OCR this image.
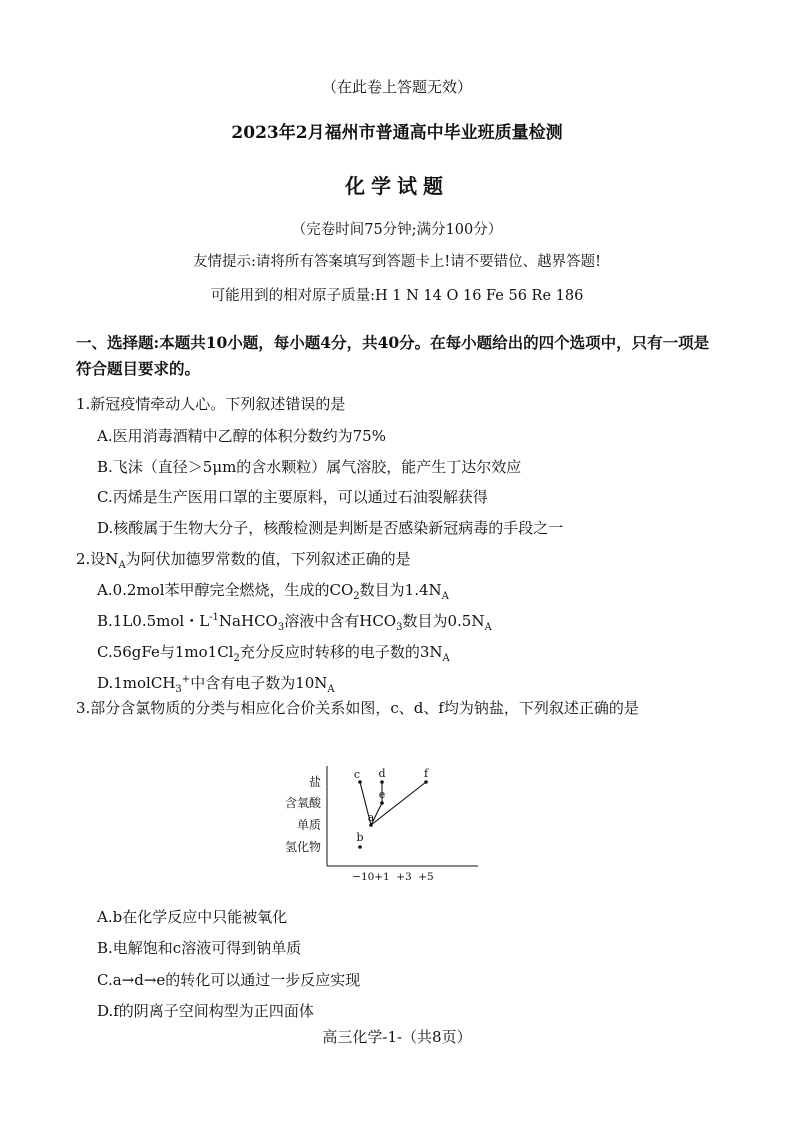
（在此卷上答题无效）
2023年2月福州市普通高中毕业班质量检测
化学试题
（完卷时间75分钟;满分100分）
友情提示:请将所有答案填写到答题卡上!请不要错位、越界答题!
可能用到的相对原子质量:H 1 N 14 O 16 Fe 56 Re 186
一、选择题:本题共10小题，每小题4分，共40分。在每小题给出的四个选项中，只有一项是符合题目要求的。
1.新冠疫情牵动人心。下列叙述错误的是
A.医用消毒酒精中乙醇的体积分数约为75%
B.飞沫（直径＞5μm的含水颗粒）属气溶胶，能产生丁达尔效应
C.丙烯是生产医用口罩的主要原料，可以通过石油裂解获得
D.核酸属于生物大分子，核酸检测是判断是否感染新冠病毒的手段之一
2.设$N_A$为阿伏加德罗常数的值，下列叙述正确的是
A.0.2mol苯甲醇完全燃烧，生成的$CO_2$数目为$1.4N_A$
B.1L0.5mol・$L^{-1}NaHCO_3$溶液中含有$HCO_3$数目为$0.5N_A$
C.56gFe与$1mo1Cl_2$充分反应时转移的电子数的$3N_A$
D.1molCH$_3$+中含有电子数为$10N_A$
3.部分含氯物质的分类与相应化合价关系如图，c、d、f均为钠盐，下列叙述正确的是
氢化物
单质
含氧酸
盐
−1 0 +1 +3 +5
b
a
c
e
d	f
A.b在化学反应中只能被氧化
B.电解饱和c溶液可得到钠单质
C.a→d→e的转化可以通过一步反应实现
D.f的阴离子空间构型为正四面体
高三化学-1-（共8页）
